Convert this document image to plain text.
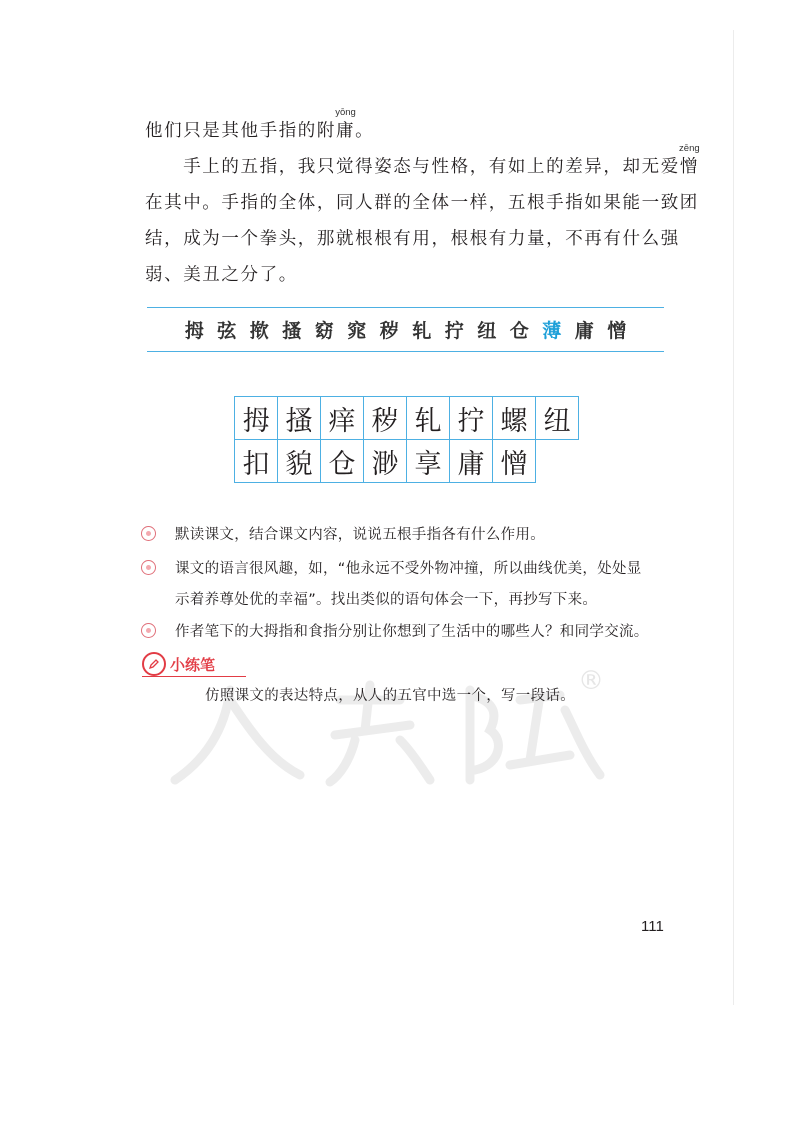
他们只是其他手指的附
yōng
庸。
　　手上的五指，我只觉得姿态与性格，有如上的差异，却无爱
zēng
憎
在其中。手指的全体，同人群的全体一样，五根手指如果能一致团
结，成为一个拳头，那就根根有用，根根有力量，不再有什么强
弱、美丑之分了。
拇 弦 揿 搔 窈 窕 秽 轧 拧 纽 仓 薄 庸 憎
拇 搔 痒 秽 轧 拧 螺 纽
扣 貌 仓 渺 享 庸 憎
默读课文，结合课文内容，说说五根手指各有什么作用。
课文的语言很风趣，如，“他永远不受外物冲撞，所以曲线优美，处处显
示着养尊处优的幸福”。找出类似的语句体会一下，再抄写下来。
作者笔下的大拇指和食指分别让你想到了生活中的哪些人？和同学交流。
®
小练笔
仿照课文的表达特点，从人的五官中选一个，写一段话。
111
